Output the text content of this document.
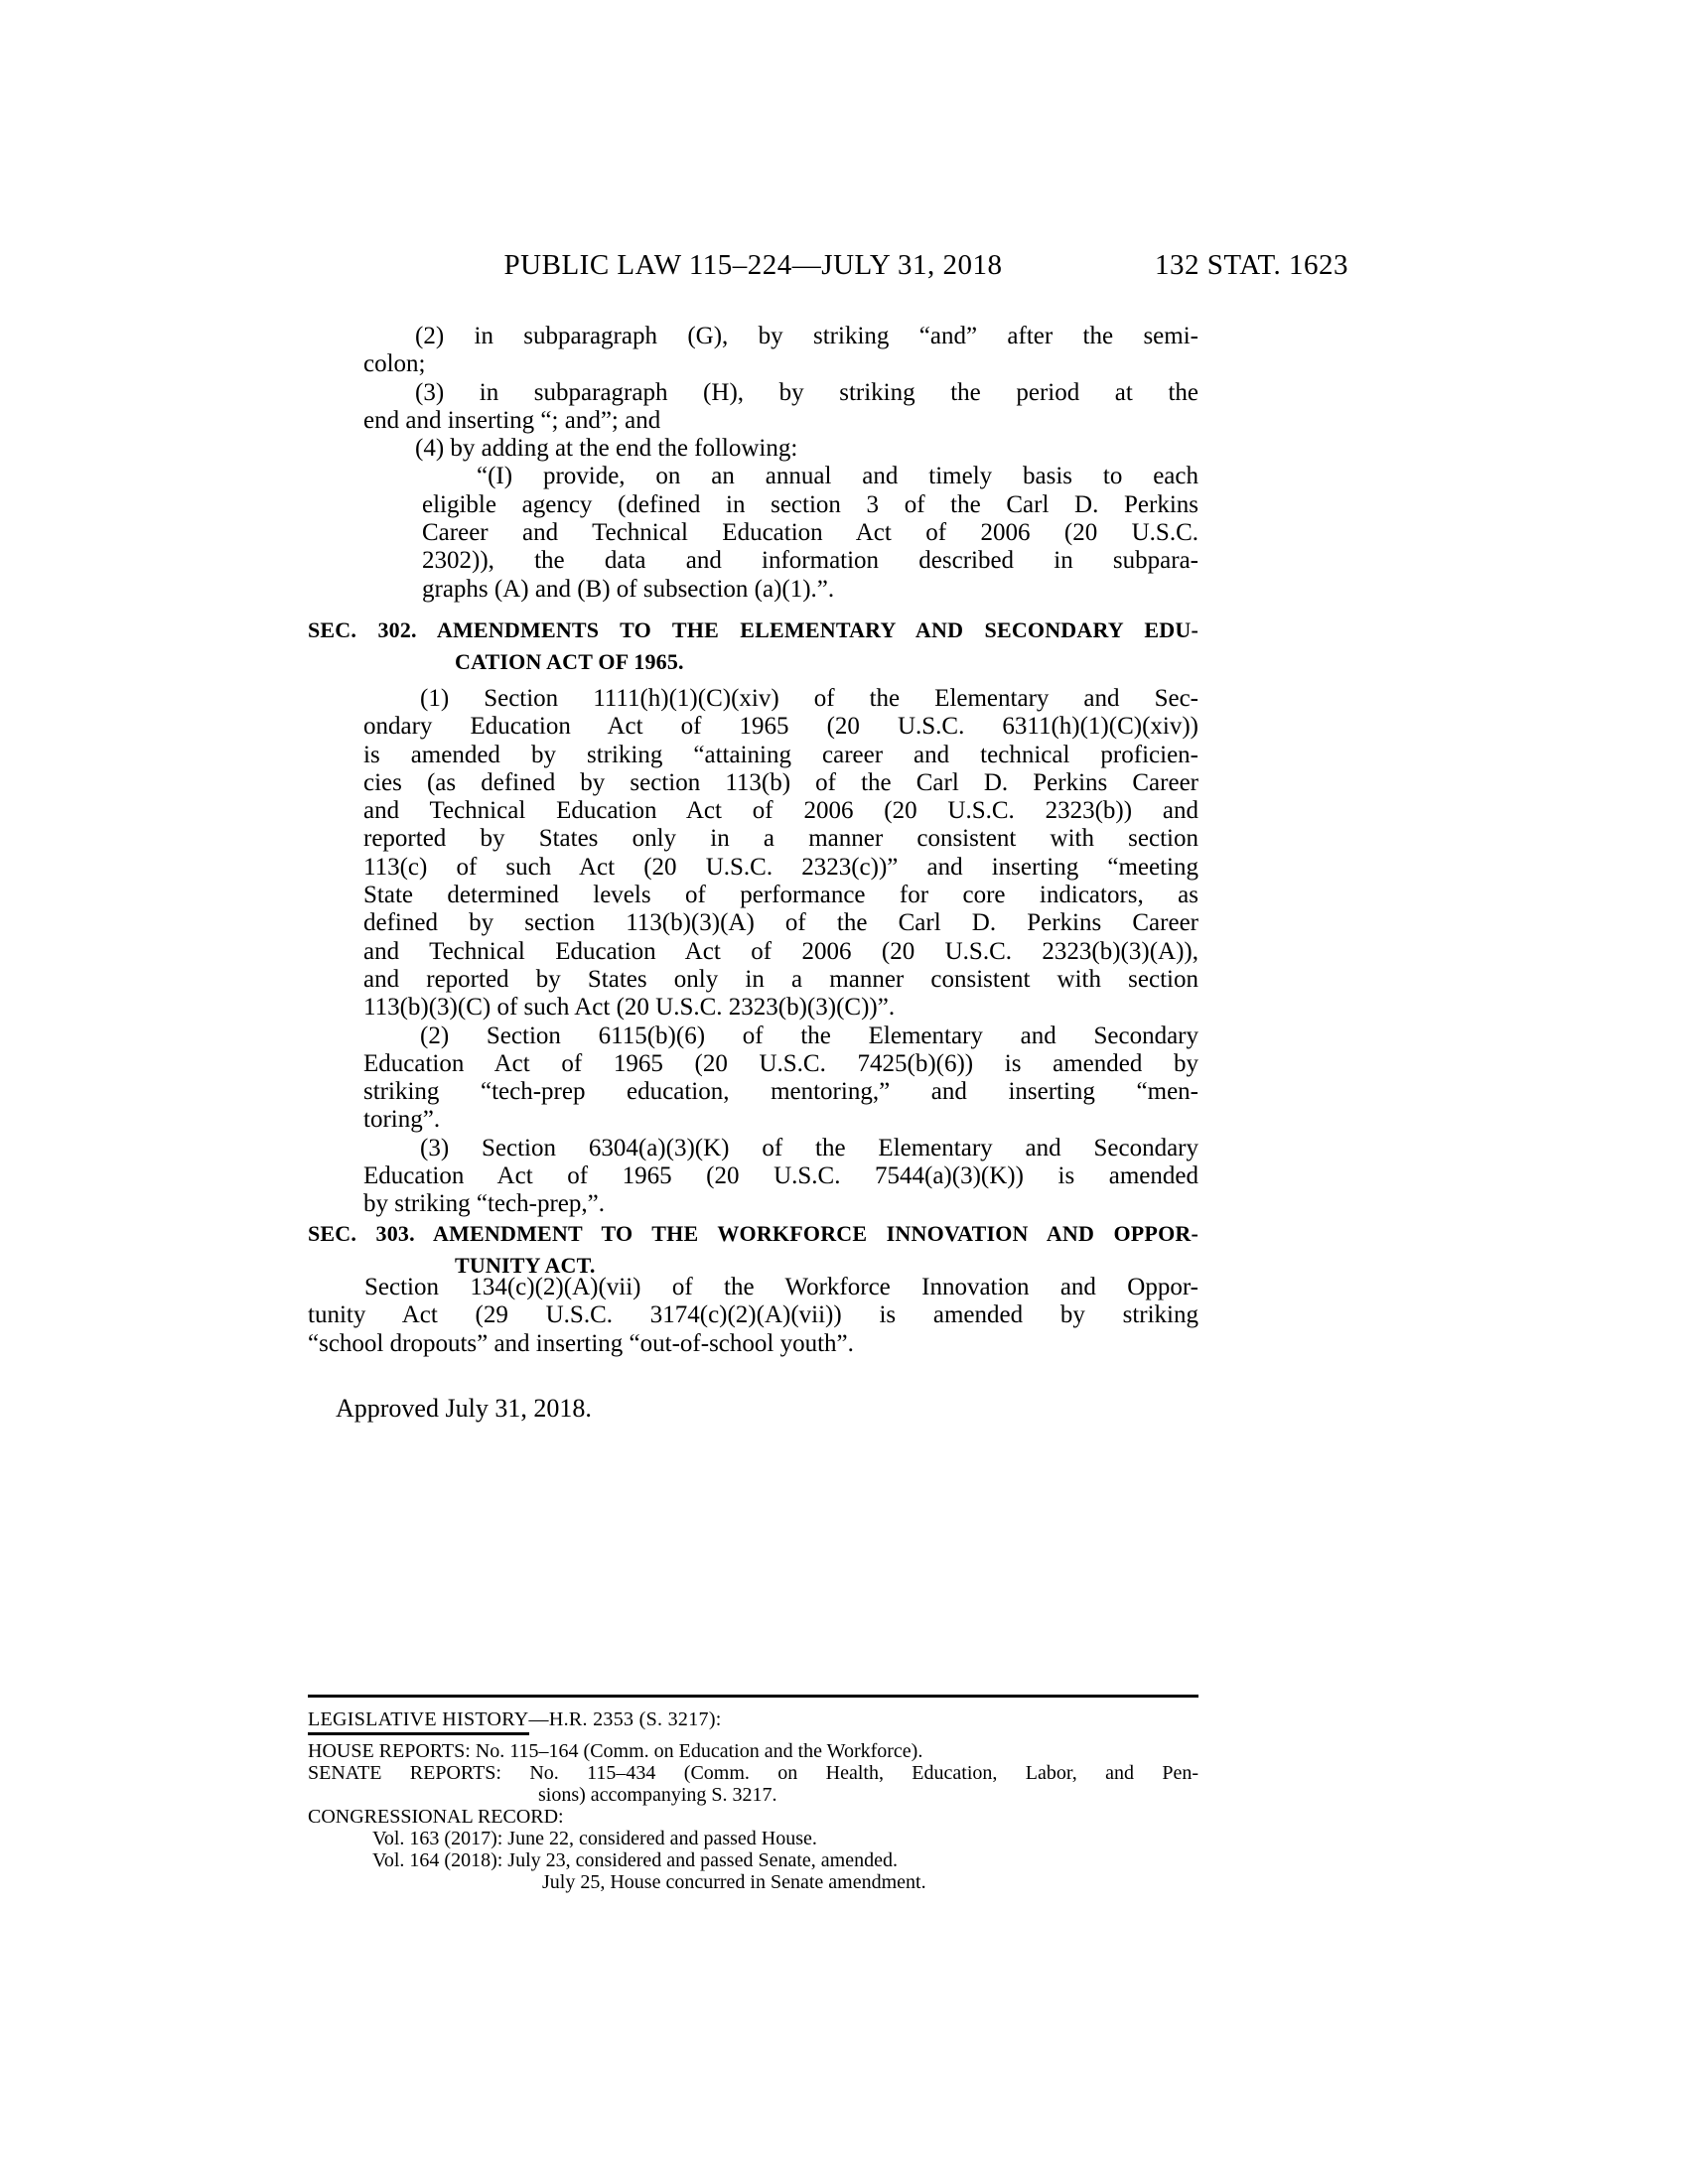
PUBLIC LAW 115–224—JULY 31, 2018	132 STAT. 1623
(2) in subparagraph (G), by striking “and” after the semi-
colon;
(3) in subparagraph (H), by striking the period at the
end and inserting “; and”; and
(4) by adding at the end the following:
“(I) provide, on an annual and timely basis to each
eligible agency (defined in section 3 of the Carl D. Perkins
Career and Technical Education Act of 2006 (20 U.S.C.
2302)), the data and information described in subpara-
graphs (A) and (B) of subsection (a)(1).”.
SEC. 302. AMENDMENTS TO THE ELEMENTARY AND SECONDARY EDU-
CATION ACT OF 1965.
(1) Section 1111(h)(1)(C)(xiv) of the Elementary and Sec-
ondary Education Act of 1965 (20 U.S.C. 6311(h)(1)(C)(xiv))
is amended by striking “attaining career and technical proficien-
cies (as defined by section 113(b) of the Carl D. Perkins Career
and Technical Education Act of 2006 (20 U.S.C. 2323(b)) and
reported by States only in a manner consistent with section
113(c) of such Act (20 U.S.C. 2323(c))” and inserting “meeting
State determined levels of performance for core indicators, as
defined by section 113(b)(3)(A) of the Carl D. Perkins Career
and Technical Education Act of 2006 (20 U.S.C. 2323(b)(3)(A)),
and reported by States only in a manner consistent with section
113(b)(3)(C) of such Act (20 U.S.C. 2323(b)(3)(C))”.
(2) Section 6115(b)(6) of the Elementary and Secondary
Education Act of 1965 (20 U.S.C. 7425(b)(6)) is amended by
striking “tech-prep education, mentoring,” and inserting “men-
toring”.
(3) Section 6304(a)(3)(K) of the Elementary and Secondary
Education Act of 1965 (20 U.S.C. 7544(a)(3)(K)) is amended
by striking “tech-prep,”.
SEC. 303. AMENDMENT TO THE WORKFORCE INNOVATION AND OPPOR-
TUNITY ACT.
Section 134(c)(2)(A)(vii) of the Workforce Innovation and Oppor-
tunity Act (29 U.S.C. 3174(c)(2)(A)(vii)) is amended by striking
“school dropouts” and inserting “out-of-school youth”.
Approved July 31, 2018.
LEGISLATIVE HISTORY—H.R. 2353 (S. 3217):
HOUSE REPORTS: No. 115–164 (Comm. on Education and the Workforce).
SENATE REPORTS: No. 115–434 (Comm. on Health, Education, Labor, and Pen-
sions) accompanying S. 3217.
CONGRESSIONAL RECORD:
Vol. 163 (2017): June 22, considered and passed House.
Vol. 164 (2018): July 23, considered and passed Senate, amended.
July 25, House concurred in Senate amendment.
